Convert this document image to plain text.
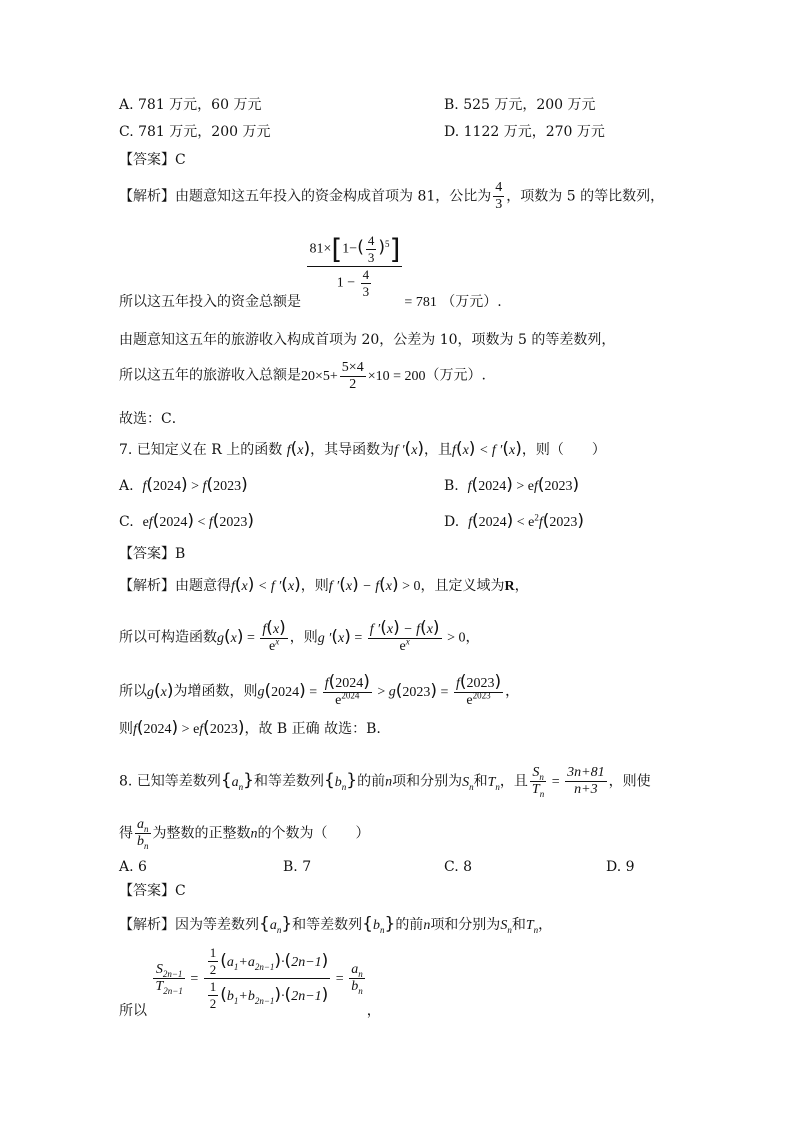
A. 781 万元，60 万元	B. 525 万元，200 万元
C. 781 万元，200 万元	D. 1122 万元，270 万元
【答案】C
【解析】由题意知这五年投入的资金构成首项为 81，公比为 $\frac{4}{3}$ ，项数为 5 的等比数列，
所以这五年投入的资金总额是
$\frac{81\times[1-( \frac{4}{3} )^5]}{1 - \frac{4}{3}}$
= 781 （万元）.
由题意知这五年的旅游收入构成首项为 20，公差为 10，项数为 5 的等差数列，
所以这五年的旅游收入总额是$20\times 5+ \frac{5\times 4}{2} \times 10 = 200$（万元）.
故选：C．
7. 已知定义在 R 上的函数 f(x)，其导函数为f ′(x)，且f(x) < f ′(x)，则（　　）
A. f(2024) > f(2023)	B. f(2024) > ef(2023)
C. ef(2024) < f(2023)	D. $f(2024) < e^2f(2023)$
【答案】B
【解析】由题意得f(x) < f ′(x)，则f ′(x) − f(x) > 0，且定义域为R，
所以可构造函数$g(x) = \frac{f(x)}{e^x}$ ，则g $'(x) = \frac{f '(x) - f(x)}{e^x} > 0$，
所以g(x)为增函数，则$g(2024) = \frac{f(2024)}{e^{2024}} > g(2023) = \frac{f(2023)}{e^{2023}}$ ，
则f(2024) > ef(2023)，故 B 正确 故选：B.
8. 已知等差数列$\{a_n\}$和等差数列$\{b_n\}$的前n项和分别为$S_n$和$T_n$，且 $\frac{S_n}{T_n} = \frac{3n+81}{n+3}$ ，则使
得 $\frac{a_n}{b_n}$ 为整数的正整数n的个数为（　　）
A. 6	B. 7	C. 8	D. 9
【答案】C
【解析】因为等差数列$\{a_n\}$和等差数列$\{b_n\}$的前n项和分别为$S_n$和$T_n$，
所以
$\frac{S_{2n-1}}{T_{2n-1}} = \frac{\frac{1}{2} (a_1+a_{2n-1})\cdot(2n-1)}{\frac{1}{2} (b_1+b_{2n-1})\cdot(2n-1)} = \frac{a_n}{b_n}$
，
